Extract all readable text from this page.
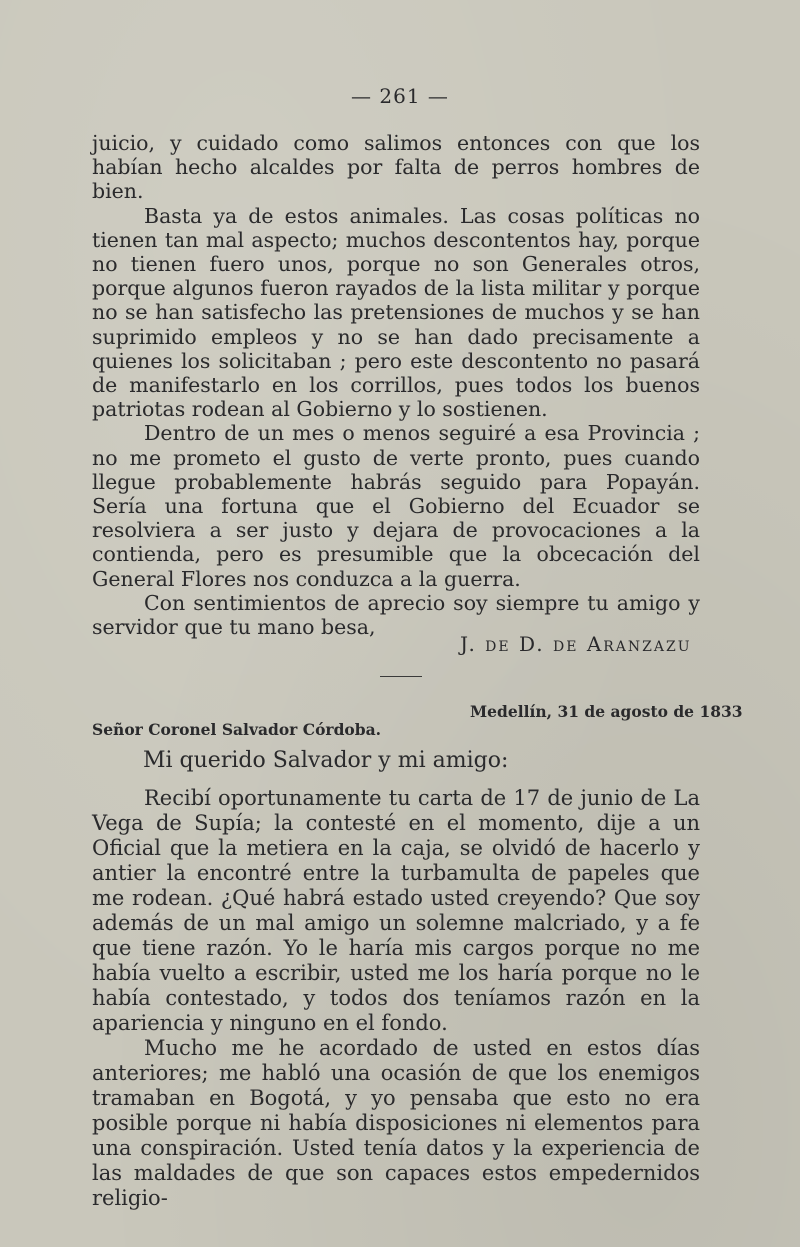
— 261 —

juicio, y cuidado como salimos entonces con que los habían hecho alcaldes por falta de perros hombres de bien.

Basta ya de estos animales. Las cosas políticas no tienen tan mal aspecto; muchos descontentos hay, porque no tienen fuero unos, porque no son Generales otros, porque algunos fueron rayados de la lista militar y porque no se han satisfecho las pretensiones de muchos y se han suprimido empleos y no se han dado precisamente a quienes los solicitaban ; pero este descontento no pasará de manifestarlo en los corrillos, pues todos los buenos patriotas rodean al Gobierno y lo sostienen.

Dentro de un mes o menos seguiré a esa Provincia ; no me prometo el gusto de verte pronto, pues cuando llegue probablemente habrás seguido para Popayán. Sería una fortuna que el Gobierno del Ecuador se resolviera a ser justo y dejara de provocaciones a la contienda, pero es presumible que la obcecación del General Flores nos conduzca a la guerra.

Con sentimientos de aprecio soy siempre tu amigo y servidor que tu mano besa,

J. de D. de Aranzazu
Medellín, 31 de agosto de 1833
Señor Coronel Salvador Córdoba.
Mi querido Salvador y mi amigo:

Recibí oportunamente tu carta de 17 de junio de La Vega de Supía; la contesté en el momento, dije a un Oficial que la metiera en la caja, se olvidó de hacerlo y antier la encontré entre la turbamulta de papeles que me rodean. ¿Qué habrá estado usted creyendo? Que soy además de un mal amigo un solemne malcriado, y a fe que tiene razón. Yo le haría mis cargos porque no me había vuelto a escribir, usted me los haría porque no le había contestado, y todos dos teníamos razón en la apariencia y ninguno en el fondo.

Mucho me he acordado de usted en estos días anteriores; me habló una ocasión de que los enemigos tramaban en Bogotá, y yo pensaba que esto no era posible porque ni había disposiciones ni elementos para una conspiración. Usted tenía datos y la experiencia de las maldades de que son capaces estos empedernidos religio-
